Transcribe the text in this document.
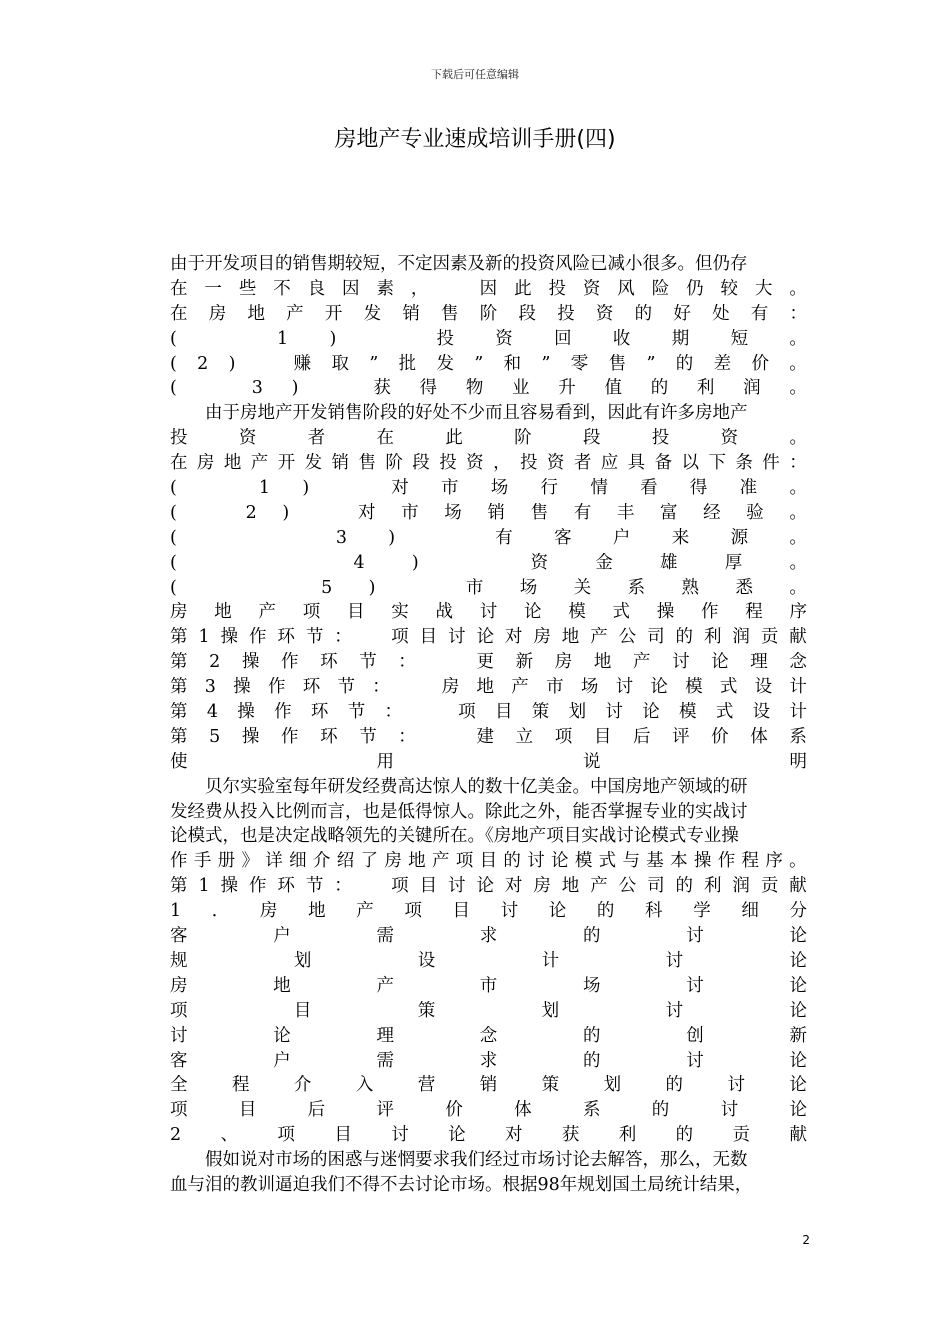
下载后可任意编辑
房地产专业速成培训手册(四)
由于开发项目的销售期较短，不定因素及新的投资风险已减小很多。但仍存
在 一 些 不 良 因 素 ，
　	因 此 投 资 风 险 仍 较 大 。
在 房 地 产 开 发 销 售 阶 段 投 资 的 好 处 有 ：
(
　	1 )
　	投 资 回 收 期 短 。
( 2 )
　	赚 取 ” 批 发 ” 和 ” 零 售 ” 的 差 价 。
(
　	3 )
　	获 得 物 业 升 值 的 利 润 。
由于房地产开发销售阶段的好处不少而且容易看到，因此有许多房地产
投	资	者	在	此	阶	段	投	资	。
在 房 地 产 开 发 销 售 阶 段 投 资 ， 投 资 者 应 具 备 以 下 条 件 ：
(
　	1 )
　	对 市 场 行 情 看 得 准 。
(
　	2 )
　	对 市 场 销 售 有 丰 富 经 验 。
(

　	3 )
　	有 客 户 来 源 。
(

　	4	)
　	资	金	雄	厚	。
(

　	5 )
　	市 场 关 系 熟 悉 。
房 地 产 项 目 实 战 讨 论 模 式 操 作 程 序
第 1 操 作 环 节 ：
　 项 目 讨 论 对 房 地 产 公 司 的 利 润 贡 献
第 2 操 作 环 节 ：
　	更 新 房 地 产 讨 论 理 念
第 3 操 作 环 节 ：
　	房 地 产 市 场 讨 论 模 式 设 计
第 4 操 作 环 节 ：
　	项 目 策 划 讨 论 模 式 设 计
第 5 操 作 环 节 ：
　	建 立 项 目 后 评 价 体 系
使	用	说	明
贝尔实验室每年研发经费高达惊人的数十亿美金。中国房地产领域的研
发经费从投入比例而言，也是低得惊人。除此之外，能否掌握专业的实战讨
论模式，也是决定战略领先的关键所在。《房地产项目实战讨论模式专业操
作 手 册 》 详 细 介 绍 了 房 地 产 项 目 的 讨 论 模 式 与 基 本 操 作 程 序 。
第 1 操 作 环 节 ：
　 项 目 讨 论 对 房 地 产 公 司 的 利 润 贡 献
1 ． 房 地 产 项 目 讨 论 的 科 学 细 分
客	户	需	求	的	讨	论
规	划	设	计	讨	论
房	地	产	市	场	讨	论
项	目	策	划	讨	论
讨	论	理	念	的	创	新
客	户	需	求	的	讨	论
全	程	介	入	营	销	策	划	的	讨	论
项	目	后	评	价	体	系	的	讨	论
2 、 项 目 讨 论 对 获 利 的 贡 献
假如说对市场的困惑与迷惘要求我们经过市场讨论去解答，那么，无数
血与泪的教训逼迫我们不得不去讨论市场。根据98年规划国土局统计结果，
2
